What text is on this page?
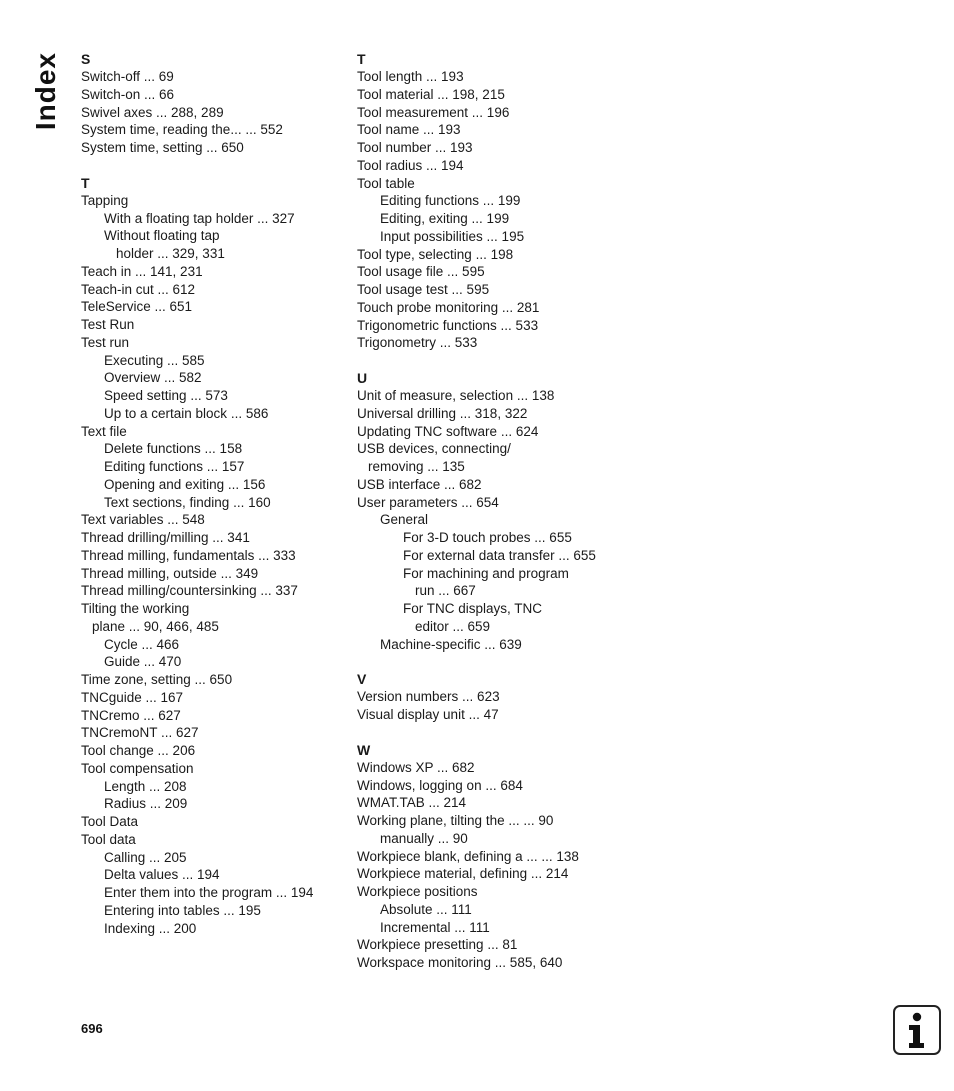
Index S
Switch-off ... 69
Switch-on ... 66
Swivel axes ... 288, 289
System time, reading the... ... 552
System time, setting ... 650
T
Tapping
With a floating tap holder ... 327
Without floating tap
holder ... 329, 331
Teach in ... 141, 231
Teach-in cut ... 612
TeleService ... 651
Test Run
Test run
Executing ... 585
Overview ... 582
Speed setting ... 573
Up to a certain block ... 586
Text file
Delete functions ... 158
Editing functions ... 157
Opening and exiting ... 156
Text sections, finding ... 160
Text variables ... 548
Thread drilling/milling ... 341
Thread milling, fundamentals ... 333
Thread milling, outside ... 349
Thread milling/countersinking ... 337
Tilting the working
plane ... 90, 466, 485
Cycle ... 466
Guide ... 470
Time zone, setting ... 650
TNCguide ... 167
TNCremo ... 627
TNCremoNT ... 627
Tool change ... 206
Tool compensation
Length ... 208
Radius ... 209
Tool Data
Tool data
Calling ... 205
Delta values ... 194
Enter them into the program ... 194
Entering into tables ... 195
Indexing ... 200
T
Tool length ... 193
Tool material ... 198, 215
Tool measurement ... 196
Tool name ... 193
Tool number ... 193
Tool radius ... 194
Tool table
Editing functions ... 199
Editing, exiting ... 199
Input possibilities ... 195
Tool type, selecting ... 198
Tool usage file ... 595
Tool usage test ... 595
Touch probe monitoring ... 281
Trigonometric functions ... 533
Trigonometry ... 533
U
Unit of measure, selection ... 138
Universal drilling ... 318, 322
Updating TNC software ... 624
USB devices, connecting/
removing ... 135
USB interface ... 682
User parameters ... 654
General
For 3-D touch probes ... 655
For external data transfer ... 655
For machining and program
run ... 667
For TNC displays, TNC
editor ... 659
Machine-specific ... 639
V
Version numbers ... 623
Visual display unit ... 47
W
Windows XP ... 682
Windows, logging on ... 684
WMAT.TAB ... 214
Working plane, tilting the ... ... 90
manually ... 90
Workpiece blank, defining a ... ... 138
Workpiece material, defining ... 214
Workpiece positions
Absolute ... 111
Incremental ... 111
Workpiece presetting ... 81
Workspace monitoring ... 585, 640
696
